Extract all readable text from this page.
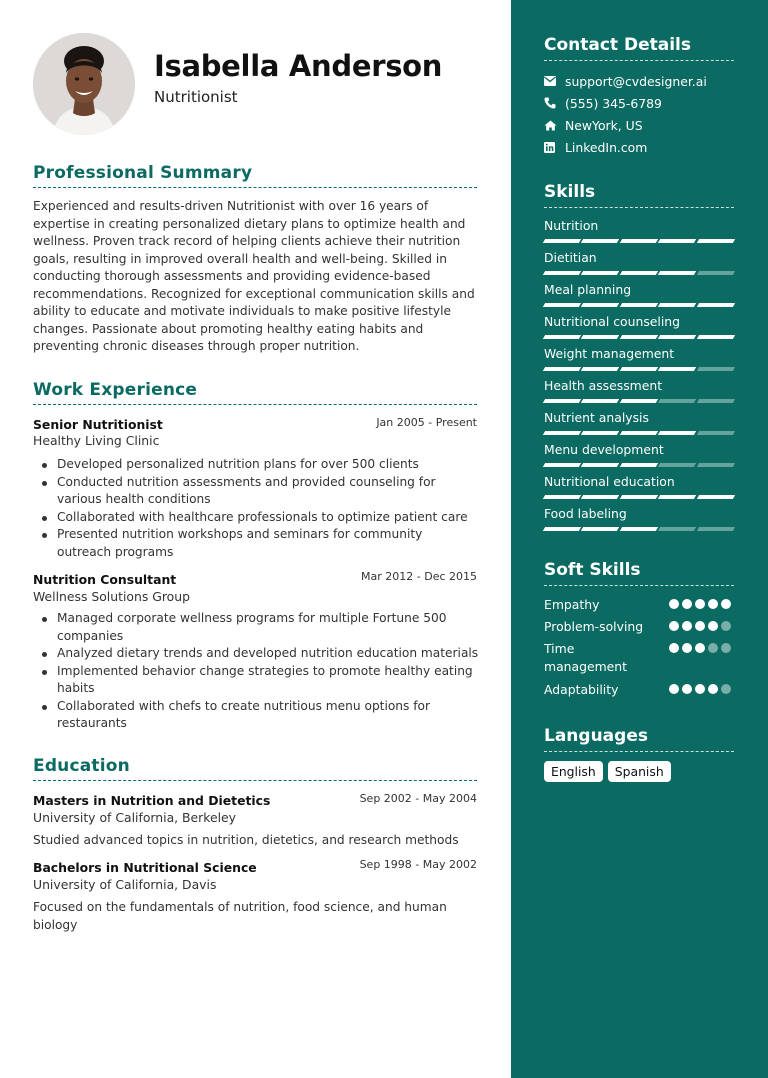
Isabella Anderson
Nutritionist
Professional Summary
Experienced and results-driven Nutritionist with over 16 years of expertise in creating personalized dietary plans to optimize health and wellness. Proven track record of helping clients achieve their nutrition goals, resulting in improved overall health and well-being. Skilled in conducting thorough assessments and providing evidence-based recommendations. Recognized for exceptional communication skills and ability to educate and motivate individuals to make positive lifestyle changes. Passionate about promoting healthy eating habits and preventing chronic diseases through proper nutrition.
Work Experience
Senior Nutritionist	Jan 2005 - Present
Healthy Living Clinic
Developed personalized nutrition plans for over 500 clients
Conducted nutrition assessments and provided counseling for various health conditions
Collaborated with healthcare professionals to optimize patient care
Presented nutrition workshops and seminars for community outreach programs
Nutrition Consultant	Mar 2012 - Dec 2015
Wellness Solutions Group
Managed corporate wellness programs for multiple Fortune 500 companies
Analyzed dietary trends and developed nutrition education materials
Implemented behavior change strategies to promote healthy eating habits
Collaborated with chefs to create nutritious menu options for restaurants
Education
Masters in Nutrition and Dietetics	Sep 2002 - May 2004
University of California, Berkeley
Studied advanced topics in nutrition, dietetics, and research methods
Bachelors in Nutritional Science	Sep 1998 - May 2002
University of California, Davis
Focused on the fundamentals of nutrition, food science, and human biology
Contact Details
support@cvdesigner.ai
(555) 345-6789
NewYork, US
LinkedIn.com
Skills
Nutrition
Dietitian
Meal planning
Nutritional counseling
Weight management
Health assessment
Nutrient analysis
Menu development
Nutritional education
Food labeling
Soft Skills
Empathy
Problem-solving
Time management
Adaptability
Languages
English	Spanish
